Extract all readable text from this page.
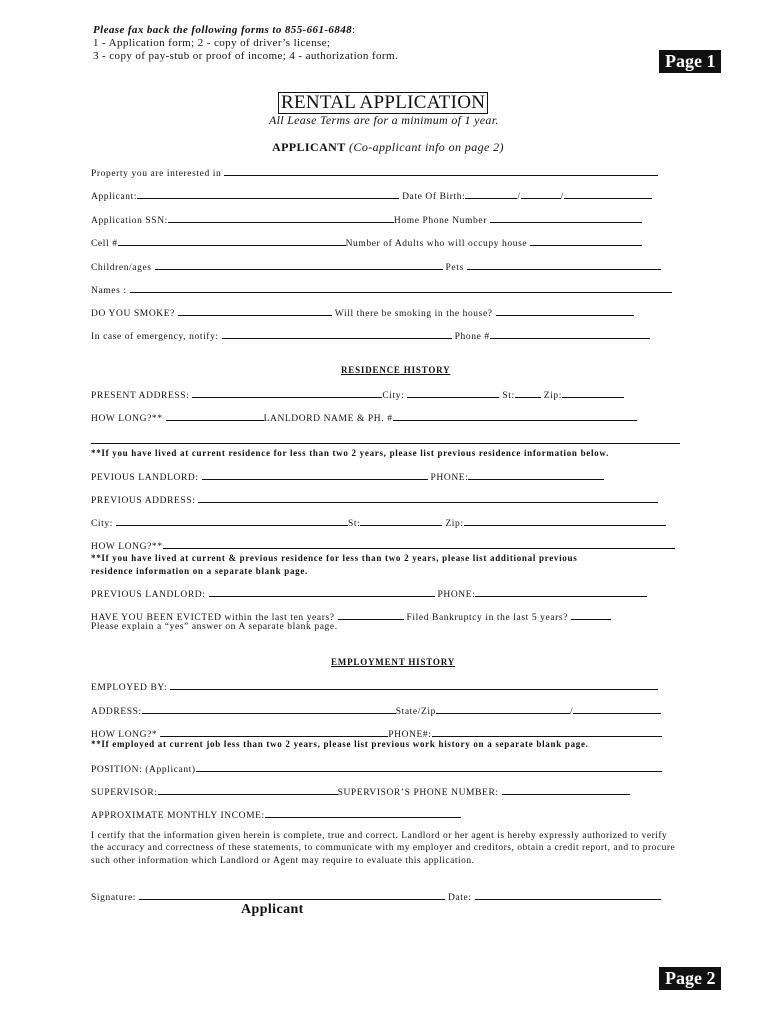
Please fax back the following forms to 855-661-6848:
1 - Application form; 2 - copy of driver’s license;
3 - copy of pay-stub or proof of income; 4 - authorization form.	Page 1
RENTAL APPLICATION
All Lease Terms are for a minimum of 1 year.
APPLICANT (Co-applicant info on page 2)
Property you are interested in
Applicant:	Date Of Birth:	/	/
Application SSN:	Home Phone Number
Cell #	Number of Adults who will occupy house
Children/ages	Pets
Names :
DO YOU SMOKE?	Will there be smoking in the house?
In case of emergency, notify:	Phone #
RESIDENCE HISTORY
PRESENT ADDRESS:	City:	St:	Zip:
HOW LONG?**	LANLDORD NAME & PH. #
**If you have lived at current residence for less than two 2 years, please list previous residence information below.
PEVIOUS LANDLORD:	PHONE:
PREVIOUS ADDRESS:
City:	St:	Zip:
HOW LONG?**
**If you have lived at current & previous residence for less than two 2 years, please list additional previous
residence information on a separate blank page.
PREVIOUS LANDLORD:	PHONE:
HAVE YOU BEEN EVICTED within the last ten years?	Filed Bankruptcy in the last 5 years?
Please explain a “yes” answer on A separate blank page.
EMPLOYMENT HISTORY
EMPLOYED BY:
ADDRESS:	State/Zip	/
HOW LONG?*	PHONE#:
**If employed at current job less than two 2 years, please list previous work history on a separate blank page.
POSITION: (Applicant)
SUPERVISOR:	SUPERVISOR’S PHONE NUMBER:
APPROXIMATE MONTHLY INCOME:
I certify that the information given herein is complete, true and correct. Landlord or her agent is hereby expressly authorized to verify the accuracy and correctness of these statements, to communicate with my employer and creditors, obtain a credit report, and to procure such other information which Landlord or Agent may require to evaluate this application.
Signature:	Date:
Applicant
Page 2
